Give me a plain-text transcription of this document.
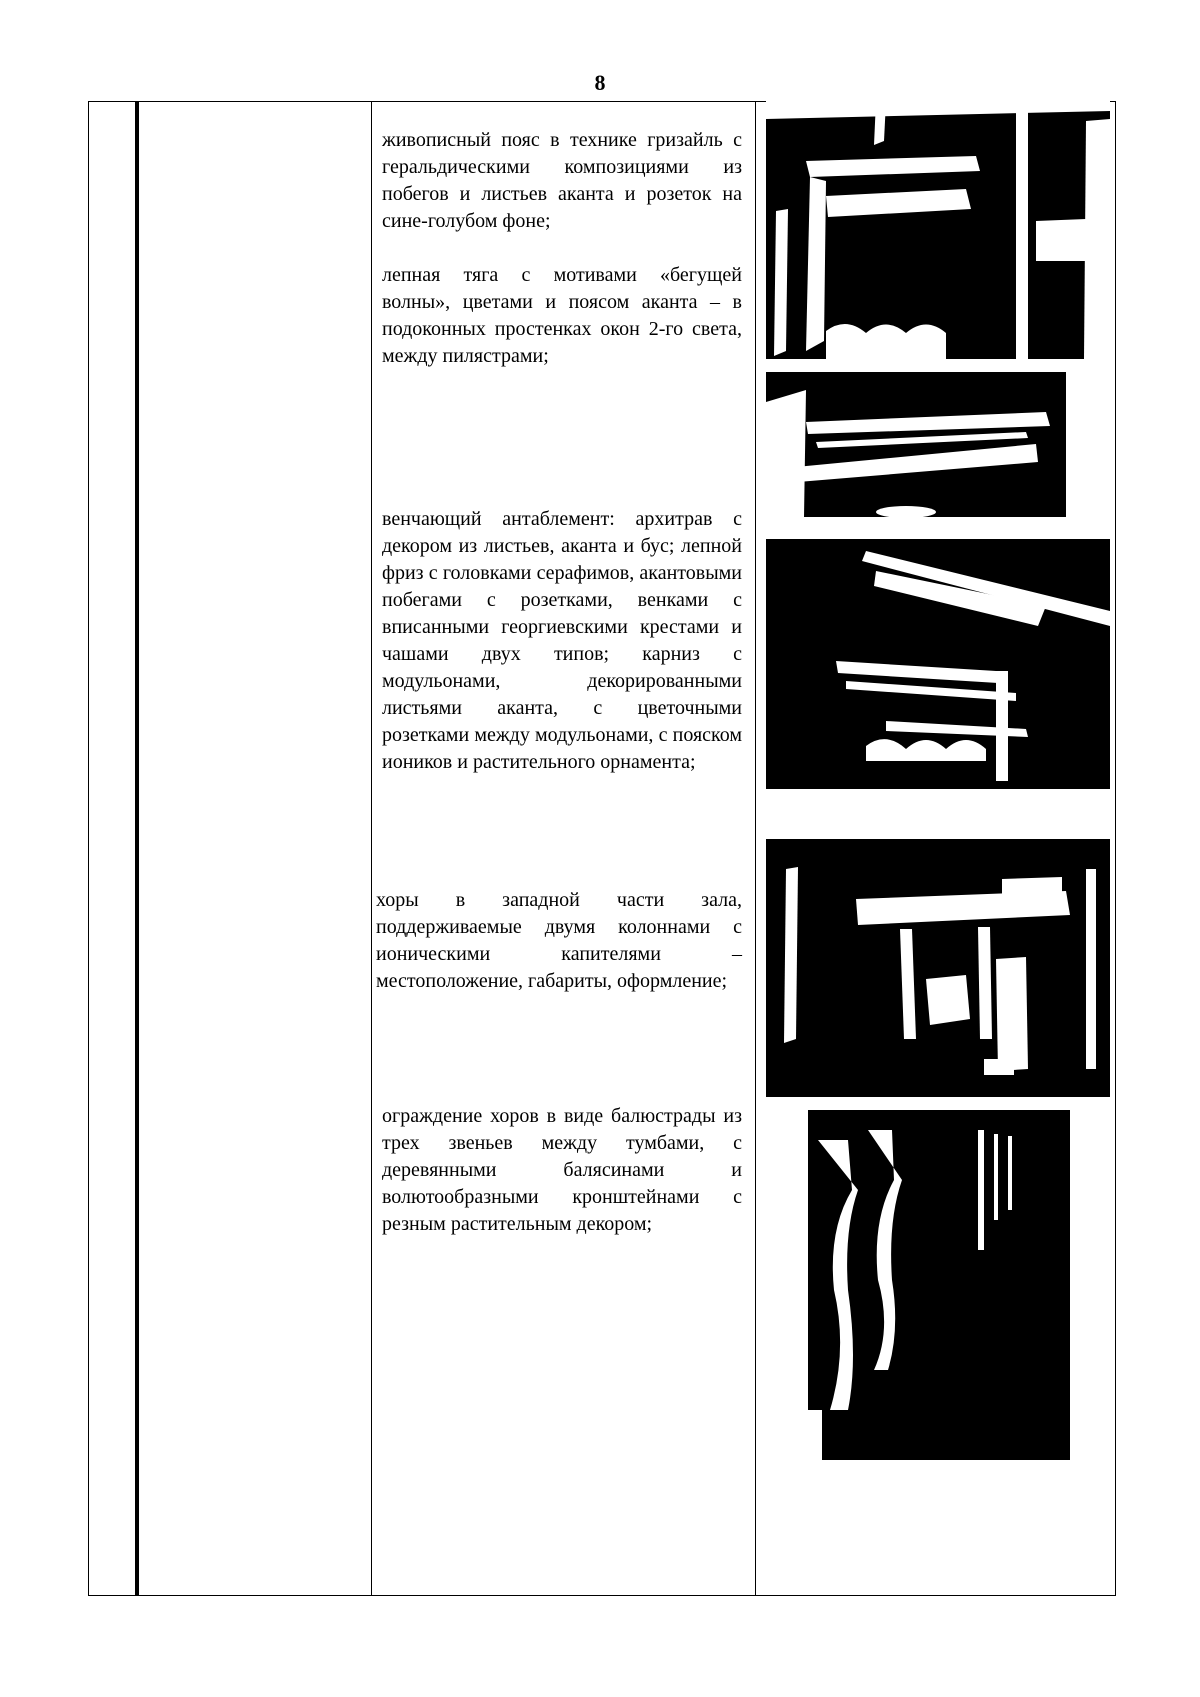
8
живописный пояс в технике гризайль с геральдическими композициями из побегов и листьев аканта и розеток на сине-голубом фоне;
лепная тяга с мотивами «бегущей волны», цветами и поясом аканта – в подоконных простенках окон 2-го света, между пилястрами;
венчающий антаблемент: архитрав с декором из листьев, аканта и бус; лепной фриз с головками серафимов, акантовыми побегами с розетками, венками с вписанными георгиевскими крестами и чашами двух типов; карниз с модульонами, декорированными листьями аканта, с цветочными розетками между модульонами, с пояском иоников и растительного орнамента;
хоры в западной части зала, поддерживаемые двумя колоннами с ионическими капителями – местоположение, габариты, оформление;
ограждение хоров в виде балюстрады из трех звеньев между тумбами, с деревянными балясинами и волютообразными кронштейнами с резным растительным декором;
